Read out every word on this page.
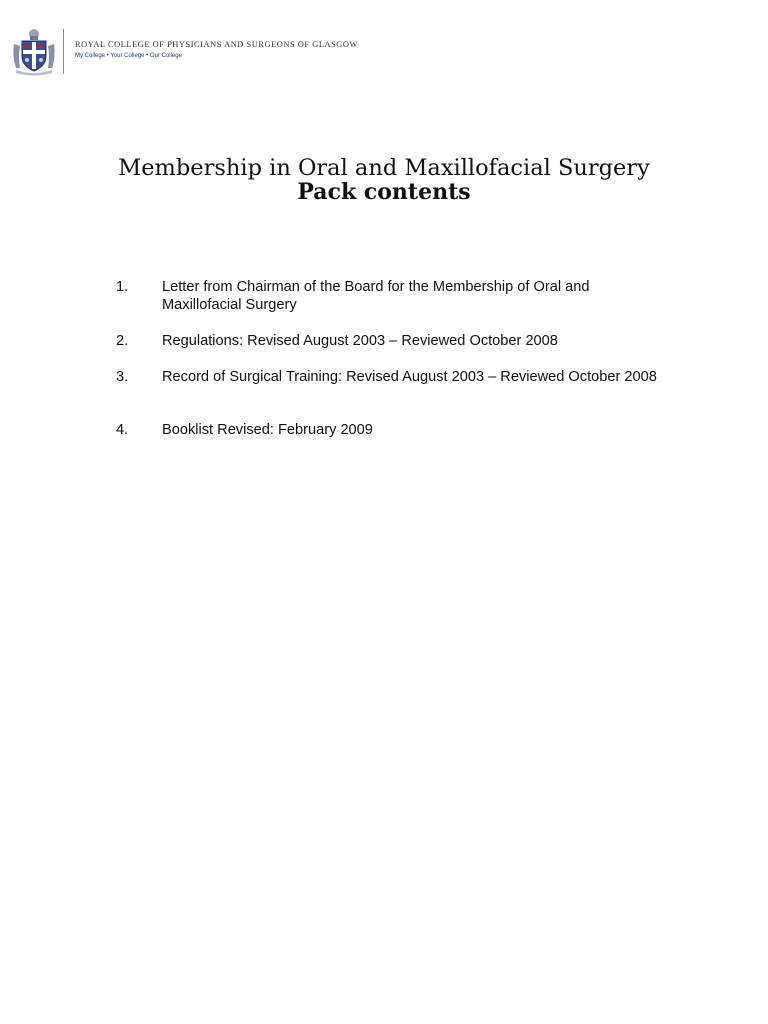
ROYAL COLLEGE OF PHYSICIANS AND SURGEONS OF GLASGOW
My College • Your College • Our College
Membership in Oral and Maxillofacial Surgery
Pack contents
1. Letter from Chairman of the Board for the Membership of Oral and Maxillofacial Surgery
2. Regulations: Revised August 2003 – Reviewed October 2008
3. Record of Surgical Training: Revised August 2003 – Reviewed October 2008
4. Booklist Revised: February 2009
